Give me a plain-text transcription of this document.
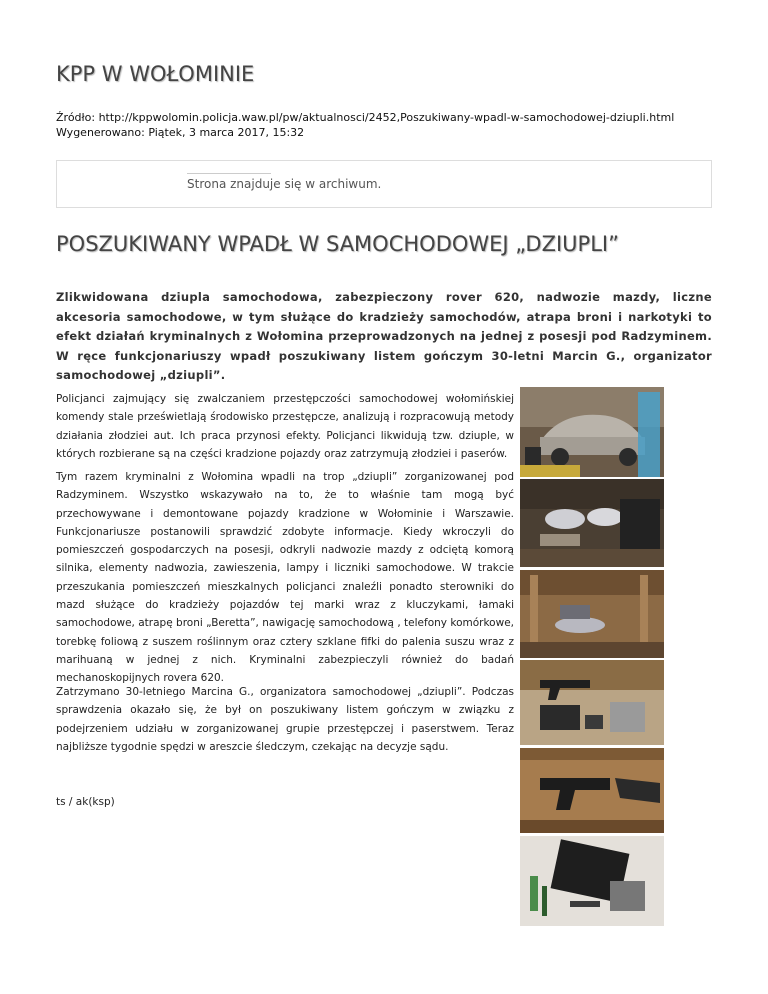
KPP W WOŁOMINIE
Źródło: http://kppwolomin.policja.waw.pl/pw/aktualnosci/2452,Poszukiwany-wpadl-w-samochodowej-dziupli.html
Wygenerowano: Piątek, 3 marca 2017, 15:32
Strona znajduje się w archiwum.
POSZUKIWANY WPADŁ W SAMOCHODOWEJ „DZIUPLI”
Zlikwidowana dziupla samochodowa, zabezpieczony rover 620, nadwozie mazdy, liczne akcesoria samochodowe, w tym służące do kradzieży samochodów, atrapa broni i narkotyki to efekt działań kryminalnych z Wołomina przeprowadzonych na jednej z posesji pod Radzyminem. W ręce funkcjonariuszy wpadł poszukiwany listem gończym 30-letni Marcin G., organizator samochodowej „dziupli”.
Policjanci zajmujący się zwalczaniem przestępczości samochodowej wołomińskiej komendy stale prześwietlają środowisko przestępcze, analizują i rozpracowują metody działania złodziei aut. Ich praca przynosi efekty. Policjanci likwidują tzw. dziuple, w których rozbierane są na części kradzione pojazdy oraz zatrzymują złodziei i paserów.
Tym razem kryminalni z Wołomina wpadli na trop „dziupli” zorganizowanej pod Radzyminem. Wszystko wskazywało na to, że to właśnie tam mogą być przechowywane i demontowane pojazdy kradzione w Wołominie i Warszawie. Funkcjonariusze postanowili sprawdzić zdobyte informacje. Kiedy wkroczyli do pomieszczeń gospodarczych na posesji, odkryli nadwozie mazdy z odciętą komorą silnika, elementy nadwozia, zawieszenia, lampy i liczniki samochodowe. W trakcie przeszukania pomieszczeń mieszkalnych policjanci znaleźli ponadto sterowniki do mazd służące do kradzieży pojazdów tej marki wraz z kluczykami, łamaki samochodowe, atrapę broni „Beretta”, nawigację samochodową , telefony komórkowe, torebkę foliową z suszem roślinnym oraz cztery szklane fifki do palenia suszu wraz z marihuaną w jednej z nich. Kryminalni zabezpieczyli również do badań mechanoskopijnych rovera 620.
Zatrzymano 30-letniego Marcina G., organizatora samochodowej „dziupli”. Podczas sprawdzenia okazało się, że był on poszukiwany listem gończym w związku z podejrzeniem udziału w zorganizowanej grupie przestępczej i paserstwem. Teraz najbliższe tygodnie spędzi w areszcie śledczym, czekając na decyzje sądu.
ts / ak(ksp)
